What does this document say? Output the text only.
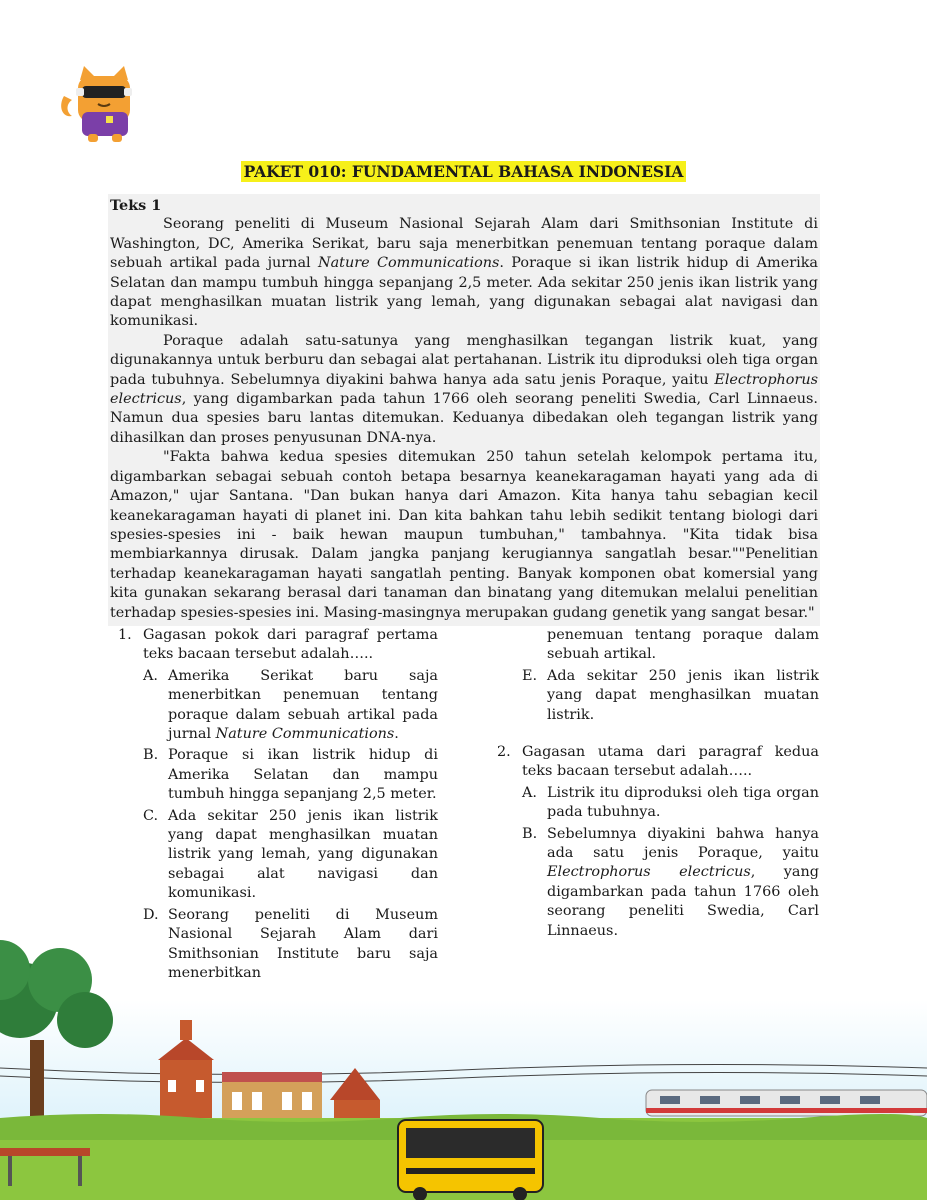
PAKET 010: FUNDAMENTAL BAHASA INDONESIA
Teks 1

Seorang peneliti di Museum Nasional Sejarah Alam dari Smithsonian Institute di Washington, DC, Amerika Serikat, baru saja menerbitkan penemuan tentang poraque dalam sebuah artikal pada jurnal Nature Communications. Poraque si ikan listrik hidup di Amerika Selatan dan mampu tumbuh hingga sepanjang 2,5 meter. Ada sekitar 250 jenis ikan listrik yang dapat menghasilkan muatan listrik yang lemah, yang digunakan sebagai alat navigasi dan komunikasi.

Poraque adalah satu-satunya yang menghasilkan tegangan listrik kuat, yang digunakannya untuk berburu dan sebagai alat pertahanan. Listrik itu diproduksi oleh tiga organ pada tubuhnya. Sebelumnya diyakini bahwa hanya ada satu jenis Poraque, yaitu Electrophorus electricus, yang digambarkan pada tahun 1766 oleh seorang peneliti Swedia, Carl Linnaeus. Namun dua spesies baru lantas ditemukan. Keduanya dibedakan oleh tegangan listrik yang dihasilkan dan proses penyusunan DNA-nya.

"Fakta bahwa kedua spesies ditemukan 250 tahun setelah kelompok pertama itu, digambarkan sebagai sebuah contoh betapa besarnya keanekaragaman hayati yang ada di Amazon," ujar Santana. "Dan bukan hanya dari Amazon. Kita hanya tahu sebagian kecil keanekaragaman hayati di planet ini. Dan kita bahkan tahu lebih sedikit tentang biologi dari spesies-spesies ini - baik hewan maupun tumbuhan," tambahnya. "Kita tidak bisa membiarkannya dirusak. Dalam jangka panjang kerugiannya sangatlah besar.""Penelitian terhadap keanekaragaman hayati sangatlah penting. Banyak komponen obat komersial yang kita gunakan sekarang berasal dari tanaman dan binatang yang ditemukan melalui penelitian terhadap spesies-spesies ini. Masing-masingnya merupakan gudang genetik yang sangat besar."

1. Gagasan pokok dari paragraf pertama teks bacaan tersebut adalah…..
A. Amerika Serikat baru saja menerbitkan penemuan tentang poraque dalam sebuah artikal pada jurnal Nature Communications.
B. Poraque si ikan listrik hidup di Amerika Selatan dan mampu tumbuh hingga sepanjang 2,5 meter.
C. Ada sekitar 250 jenis ikan listrik yang dapat menghasilkan muatan listrik yang lemah, yang digunakan sebagai alat navigasi dan komunikasi.
D. Seorang peneliti di Museum Nasional Sejarah Alam dari Smithsonian Institute baru saja menerbitkan
penemuan tentang poraque dalam sebuah artikal.
E. Ada sekitar 250 jenis ikan listrik yang dapat menghasilkan muatan listrik.
2. Gagasan utama dari paragraf kedua teks bacaan tersebut adalah…..
A. Listrik itu diproduksi oleh tiga organ pada tubuhnya.
B. Sebelumnya diyakini bahwa hanya ada satu jenis Poraque, yaitu Electrophorus electricus, yang digambarkan pada tahun 1766 oleh seorang peneliti Swedia, Carl Linnaeus.
